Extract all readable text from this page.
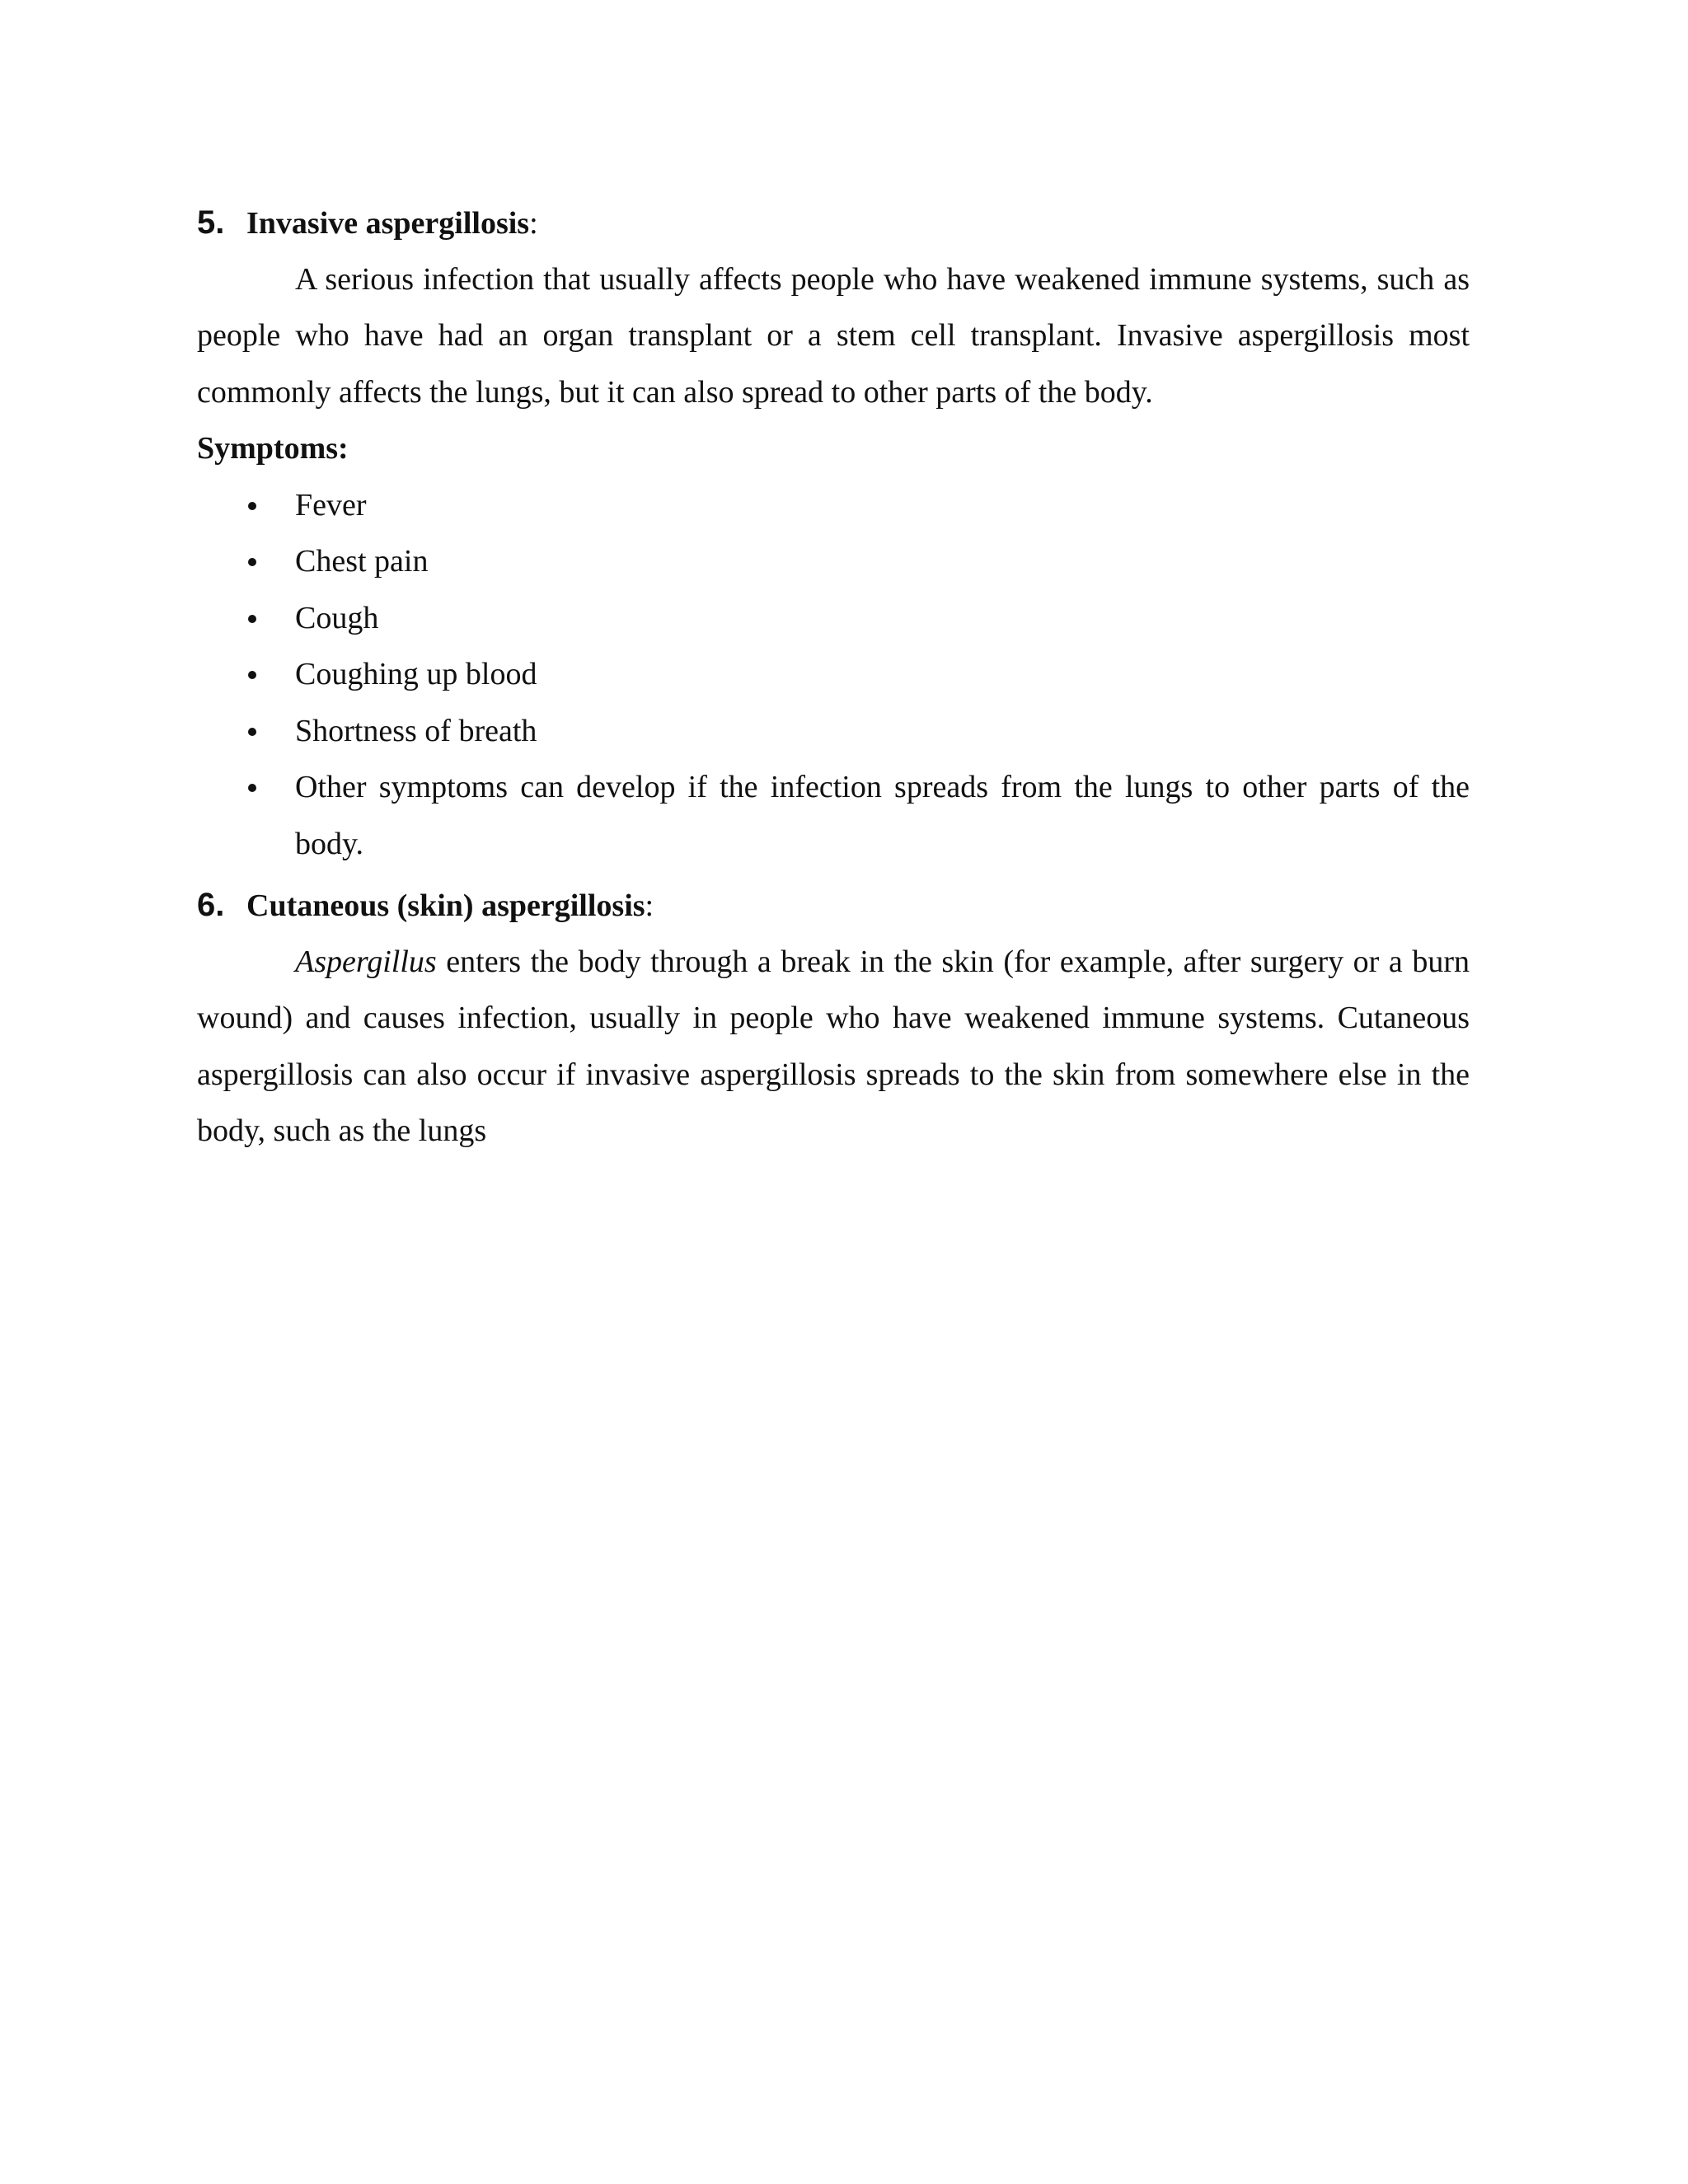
5. Invasive aspergillosis:

A serious infection that usually affects people who have weakened immune systems, such as people who have had an organ transplant or a stem cell transplant. Invasive aspergillosis most commonly affects the lungs, but it can also spread to other parts of the body.

Symptoms:
Fever
Chest pain
Cough
Coughing up blood
Shortness of breath
Other symptoms can develop if the infection spreads from the lungs to other parts of the body.
6. Cutaneous (skin) aspergillosis:

Aspergillus enters the body through a break in the skin (for example, after surgery or a burn wound) and causes infection, usually in people who have weakened immune systems. Cutaneous aspergillosis can also occur if invasive aspergillosis spreads to the skin from somewhere else in the body, such as the lungs
